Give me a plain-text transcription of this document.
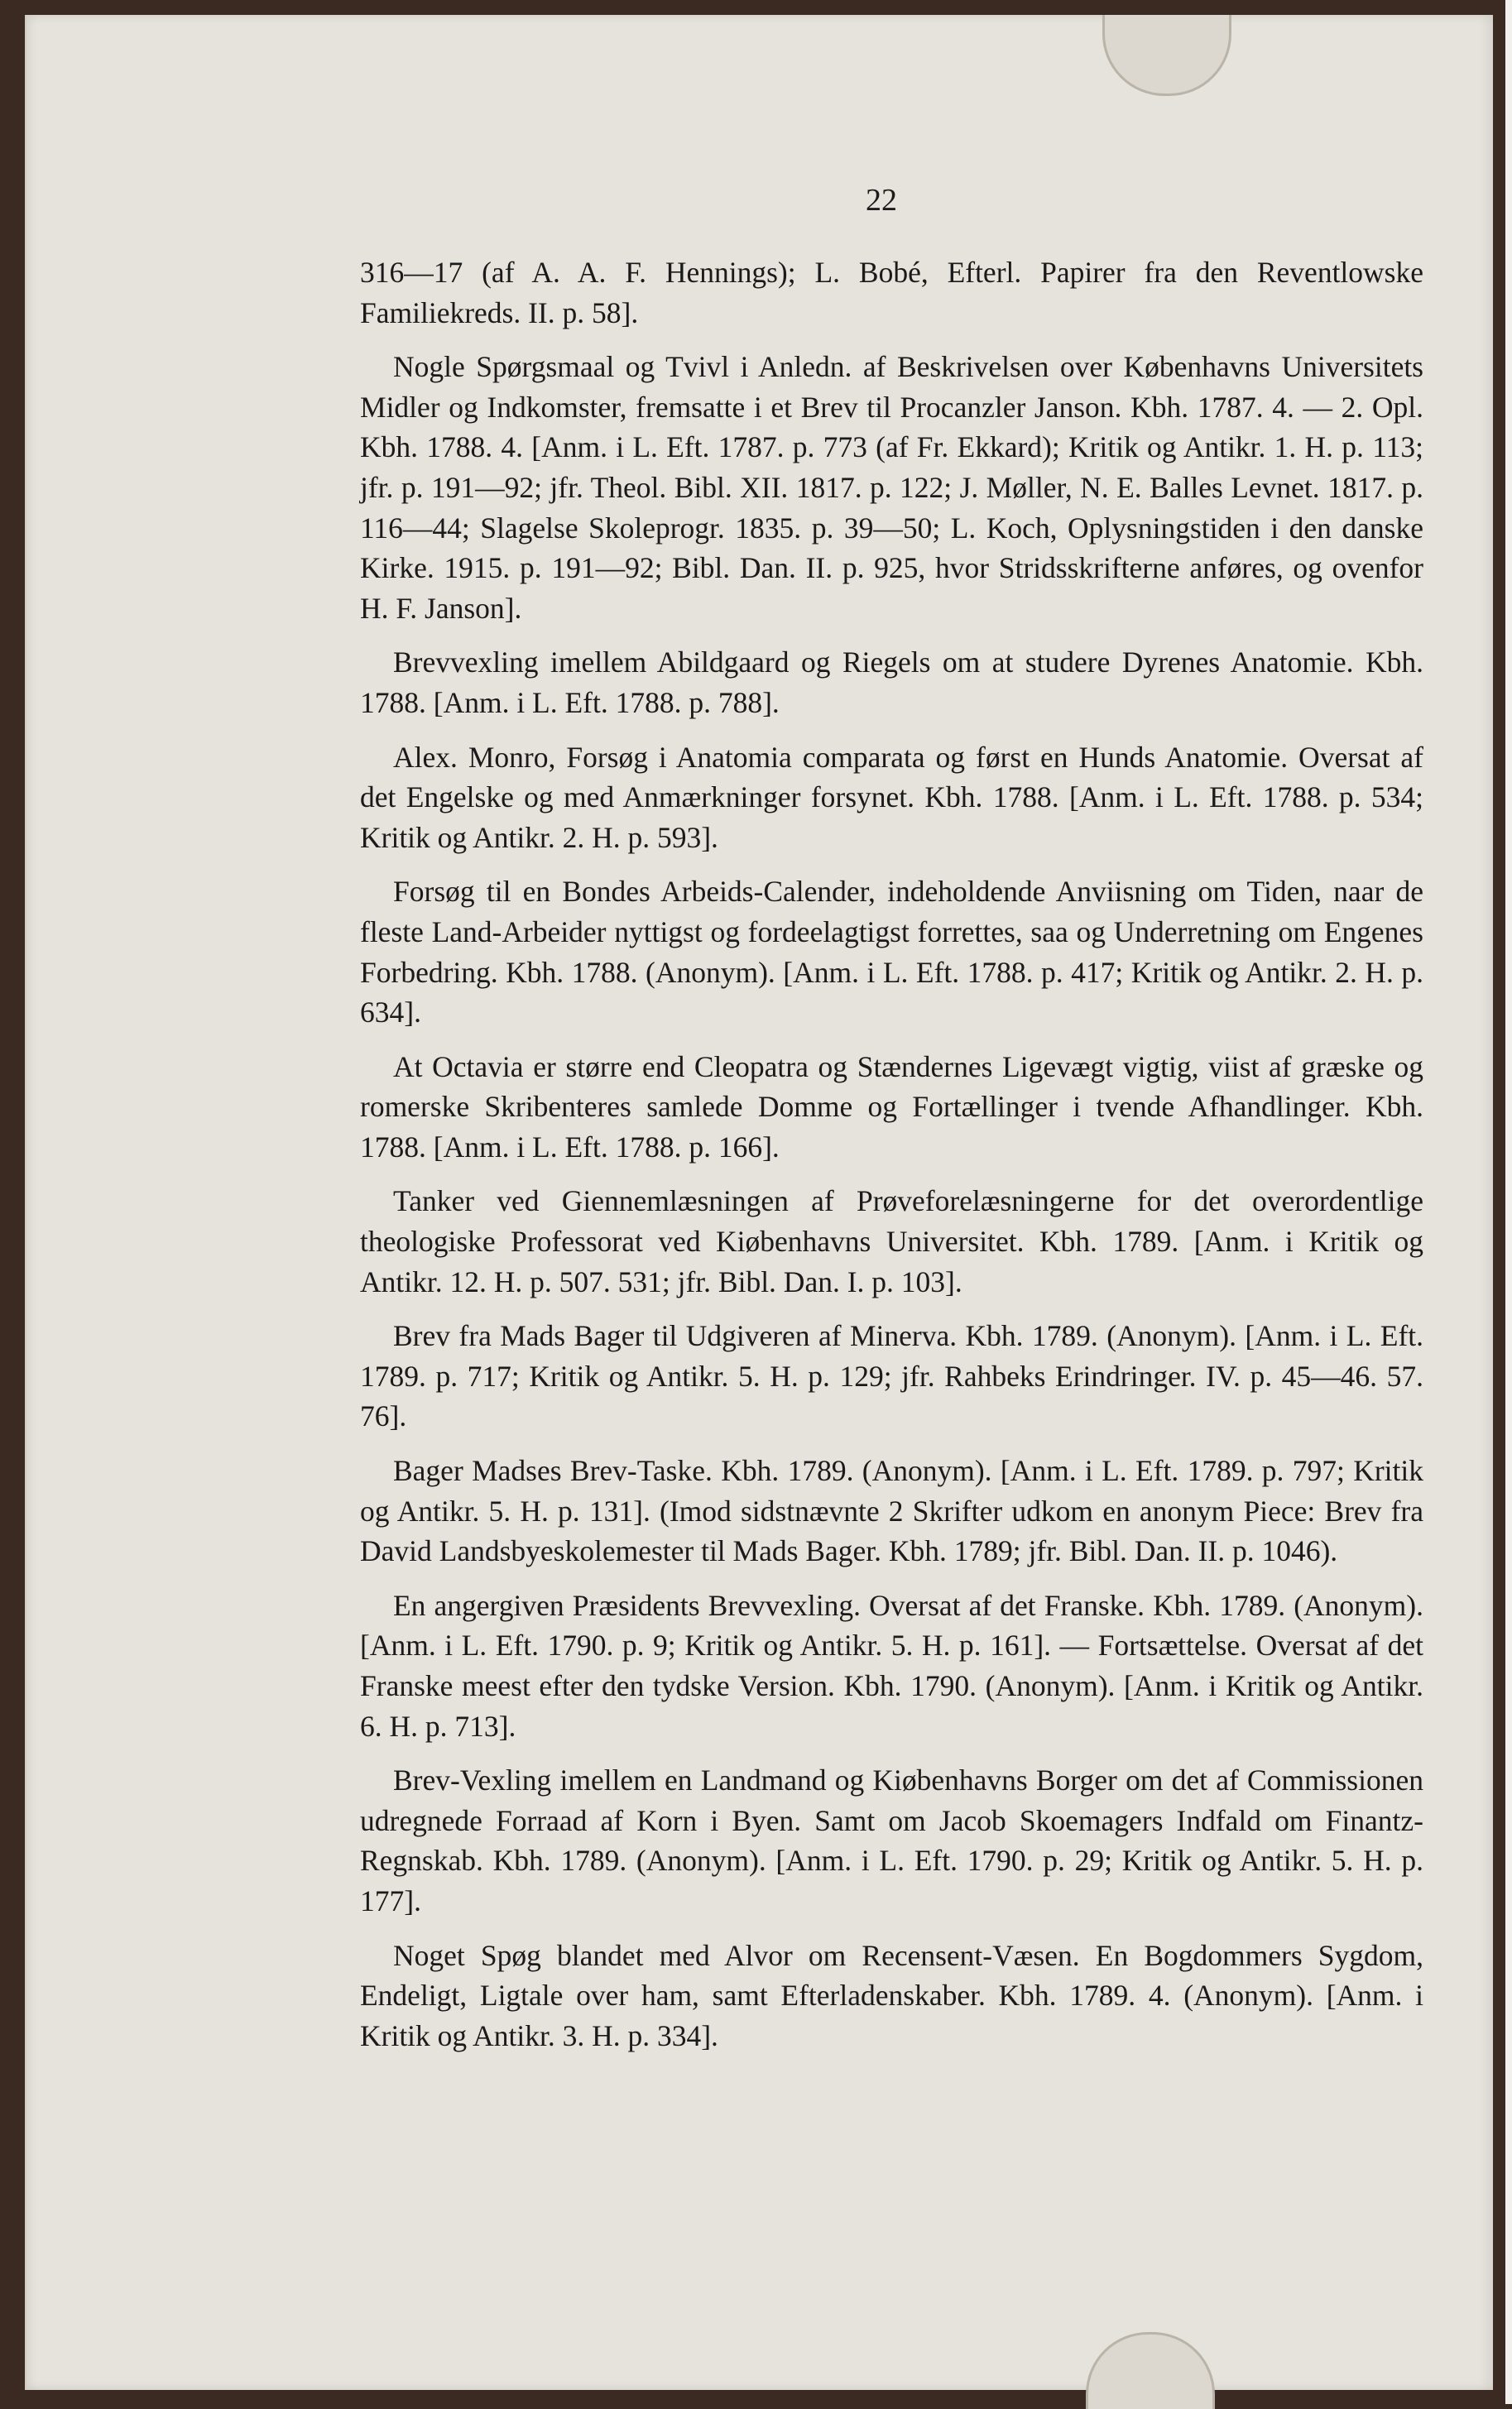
22

316—17 (af A. A. F. Hennings); L. Bobé, Efterl. Papirer fra den Reventlowske Familiekreds. II. p. 58].

Nogle Spørgsmaal og Tvivl i Anledn. af Beskrivelsen over Københavns Universitets Midler og Indkomster, fremsatte i et Brev til Procanzler Janson. Kbh. 1787. 4. — 2. Opl. Kbh. 1788. 4. [Anm. i L. Eft. 1787. p. 773 (af Fr. Ekkard); Kritik og Antikr. 1. H. p. 113; jfr. p. 191—92; jfr. Theol. Bibl. XII. 1817. p. 122; J. Møller, N. E. Balles Levnet. 1817. p. 116—44; Slagelse Skoleprogr. 1835. p. 39—50; L. Koch, Oplysningstiden i den danske Kirke. 1915. p. 191—92; Bibl. Dan. II. p. 925, hvor Stridsskrifterne anføres, og ovenfor H. F. Janson].

Brevvexling imellem Abildgaard og Riegels om at studere Dyrenes Anatomie. Kbh. 1788. [Anm. i L. Eft. 1788. p. 788].

Alex. Monro, Forsøg i Anatomia comparata og først en Hunds Anatomie. Oversat af det Engelske og med Anmærkninger forsynet. Kbh. 1788. [Anm. i L. Eft. 1788. p. 534; Kritik og Antikr. 2. H. p. 593].

Forsøg til en Bondes Arbeids-Calender, indeholdende Anviisning om Tiden, naar de fleste Land-Arbeider nyttigst og fordeelagtigst forrettes, saa og Underretning om Engenes Forbedring. Kbh. 1788. (Anonym). [Anm. i L. Eft. 1788. p. 417; Kritik og Antikr. 2. H. p. 634].

At Octavia er større end Cleopatra og Stændernes Ligevægt vigtig, viist af græske og romerske Skribenteres samlede Domme og Fortællinger i tvende Afhandlinger. Kbh. 1788. [Anm. i L. Eft. 1788. p. 166].

Tanker ved Giennemlæsningen af Prøveforelæsningerne for det overordentlige theologiske Professorat ved Kiøbenhavns Universitet. Kbh. 1789. [Anm. i Kritik og Antikr. 12. H. p. 507. 531; jfr. Bibl. Dan. I. p. 103].

Brev fra Mads Bager til Udgiveren af Minerva. Kbh. 1789. (Anonym). [Anm. i L. Eft. 1789. p. 717; Kritik og Antikr. 5. H. p. 129; jfr. Rahbeks Erindringer. IV. p. 45—46. 57. 76].

Bager Madses Brev-Taske. Kbh. 1789. (Anonym). [Anm. i L. Eft. 1789. p. 797; Kritik og Antikr. 5. H. p. 131]. (Imod sidstnævnte 2 Skrifter udkom en anonym Piece: Brev fra David Landsbyeskolemester til Mads Bager. Kbh. 1789; jfr. Bibl. Dan. II. p. 1046).

En angergiven Præsidents Brevvexling. Oversat af det Franske. Kbh. 1789. (Anonym). [Anm. i L. Eft. 1790. p. 9; Kritik og Antikr. 5. H. p. 161]. — Fortsættelse. Oversat af det Franske meest efter den tydske Version. Kbh. 1790. (Anonym). [Anm. i Kritik og Antikr. 6. H. p. 713].

Brev-Vexling imellem en Landmand og Kiøbenhavns Borger om det af Commissionen udregnede Forraad af Korn i Byen. Samt om Jacob Skoemagers Indfald om Finantz-Regnskab. Kbh. 1789. (Anonym). [Anm. i L. Eft. 1790. p. 29; Kritik og Antikr. 5. H. p. 177].

Noget Spøg blandet med Alvor om Recensent-Væsen. En Bogdommers Sygdom, Endeligt, Ligtale over ham, samt Efterladenskaber. Kbh. 1789. 4. (Anonym). [Anm. i Kritik og Antikr. 3. H. p. 334].
